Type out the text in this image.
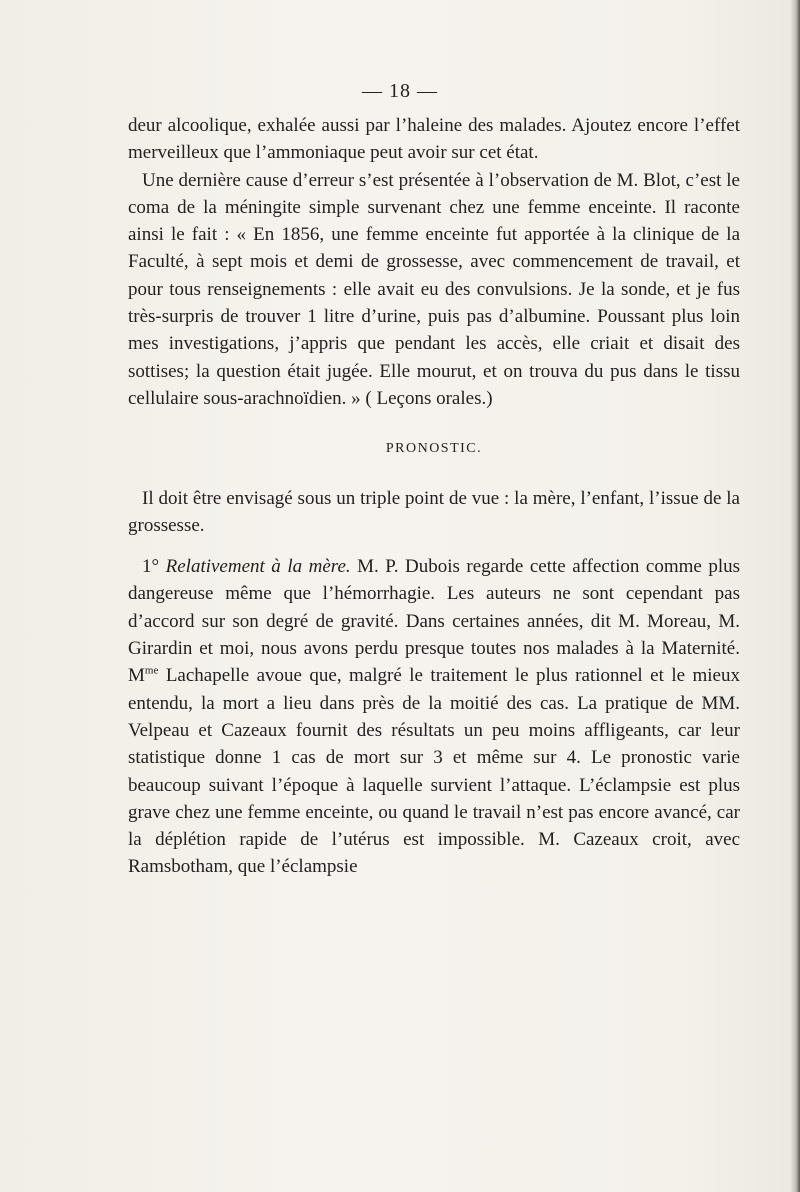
— 18 —

deur alcoolique, exhalée aussi par l’haleine des malades. Ajoutez encore l’effet merveilleux que l’ammoniaque peut avoir sur cet état.

Une dernière cause d’erreur s’est présentée à l’observation de M. Blot, c’est le coma de la méningite simple survenant chez une femme enceinte. Il raconte ainsi le fait : « En 1856, une femme enceinte fut apportée à la clinique de la Faculté, à sept mois et demi de grossesse, avec commencement de travail, et pour tous renseignements : elle avait eu des convulsions. Je la sonde, et je fus très-surpris de trouver 1 litre d’urine, puis pas d’albumine. Poussant plus loin mes investigations, j’appris que pendant les accès, elle criait et disait des sottises; la question était jugée. Elle mourut, et on trouva du pus dans le tissu cellulaire sous-arachnoïdien. » ( Leçons orales.)

PRONOSTIC.

Il doit être envisagé sous un triple point de vue : la mère, l’enfant, l’issue de la grossesse.

1° Relativement à la mère. M. P. Dubois regarde cette affection comme plus dangereuse même que l’hémorrhagie. Les auteurs ne sont cependant pas d’accord sur son degré de gravité. Dans certaines années, dit M. Moreau, M. Girardin et moi, nous avons perdu presque toutes nos malades à la Maternité. $M^{me}$ Lachapelle avoue que, malgré le traitement le plus rationnel et le mieux entendu, la mort a lieu dans près de la moitié des cas. La pratique de MM. Velpeau et Cazeaux fournit des résultats un peu moins affligeants, car leur statistique donne 1 cas de mort sur 3 et même sur 4. Le pronostic varie beaucoup suivant l’époque à laquelle survient l’attaque. L’éclampsie est plus grave chez une femme enceinte, ou quand le travail n’est pas encore avancé, car la déplétion rapide de l’utérus est impossible. M. Cazeaux croit, avec Ramsbotham, que l’éclampsie
